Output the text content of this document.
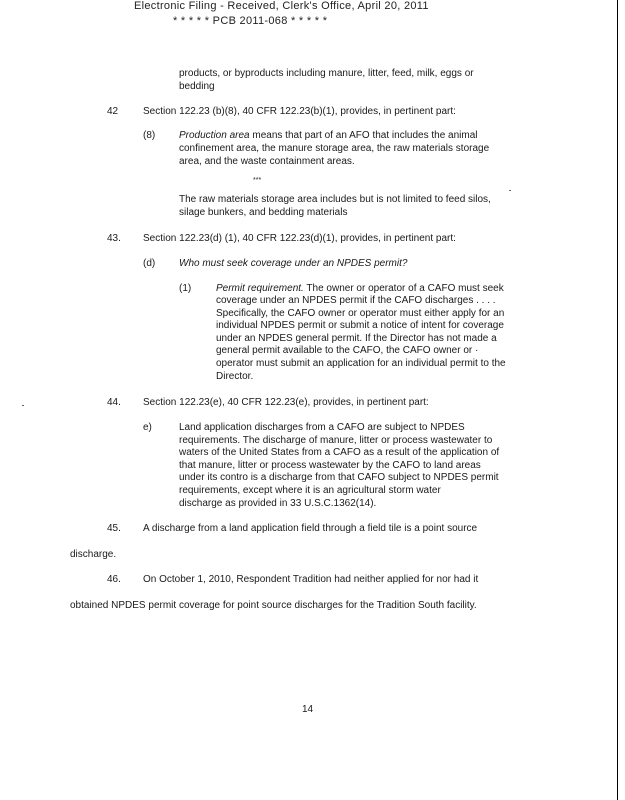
Electronic Filing - Received, Clerk's Office, April 20, 2011
* * * * * PCB 2011-068 * * * * *
products, or byproducts including manure, litter, feed, milk, eggs or
bedding
42 Section 122.23 (b)(8), 40 CFR 122.23(b)(1), provides, in pertinent part:
(8) Production area means that part of an AFO that includes the animal
confinement area, the manure storage area, the raw materials storage
area, and the waste containment areas.
***
The raw materials storage area includes but is not limited to feed silos,
silage bunkers, and bedding materials
43. Section 122.23(d) (1), 40 CFR 122.23(d)(1), provides, in pertinent part:
(d) Who must seek coverage under an NPDES permit?
(1) Permit requirement. The owner or operator of a CAFO must seek
coverage under an NPDES permit if the CAFO discharges . . . .
Specifically, the CAFO owner or operator must either apply for an
individual NPDES permit or submit a notice of intent for coverage
under an NPDES general permit. If the Director has not made a
general permit available to the CAFO, the CAFO owner or ·
operator must submit an application for an individual permit to the
Director.
44. Section 122.23(e), 40 CFR 122.23(e), provides, in pertinent part:
e)	Land application discharges from a CAFO are subject to NPDES
requirements. The discharge of manure, litter or process wastewater to
waters of the United States from a CAFO as a result of the application of
that manure, litter or process wastewater by the CAFO to land areas
under its contro is a discharge from that CAFO subject to NPDES permit
requirements, except where it is an agricultural storm water
discharge as provided in 33 U.S.C.1362(14).
45. A discharge from a land application field through a field tile is a point source
discharge.
46. On October 1, 2010, Respondent Tradition had neither applied for nor had it
obtained NPDES permit coverage for point source discharges for the Tradition South facility.
14
